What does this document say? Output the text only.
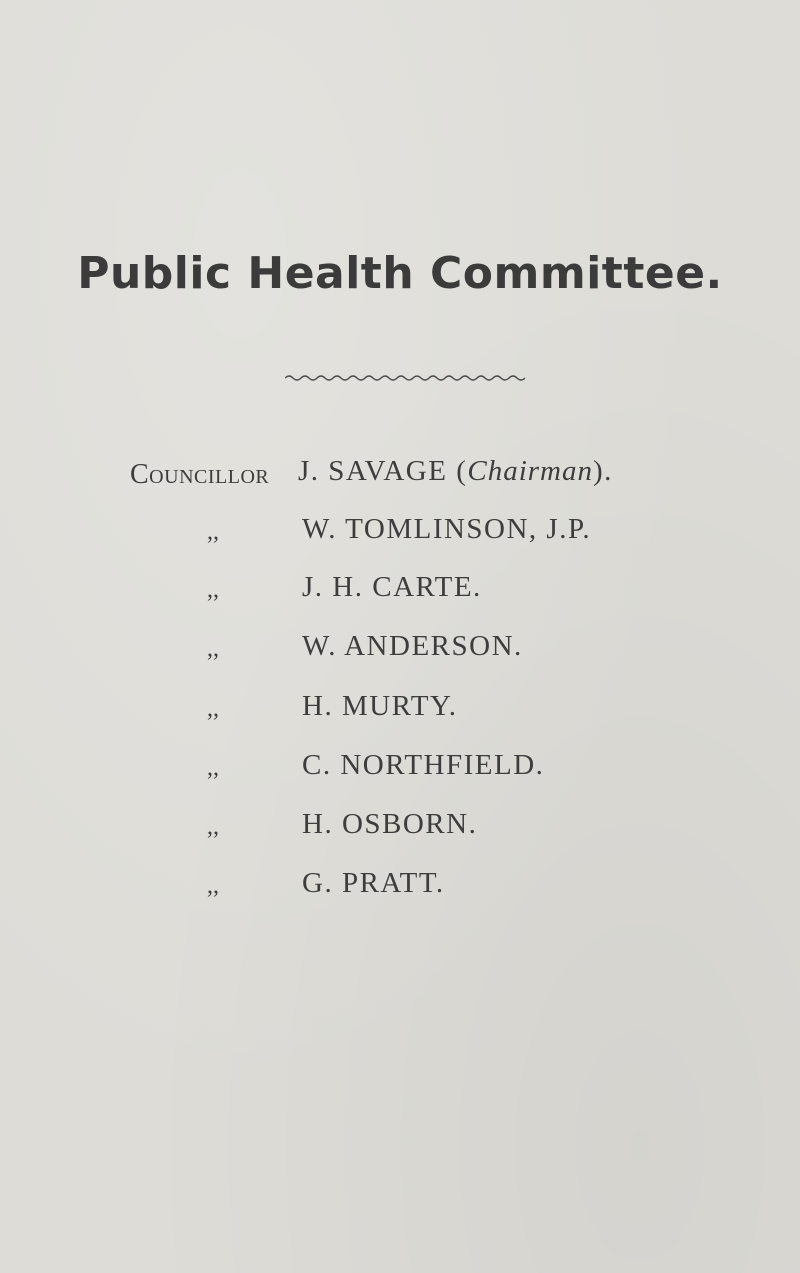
Public Health Committee.
Councillor J. SAVAGE (Chairman).
,,	W. TOMLINSON, J.P.
,,	J. H. CARTE.
,,	W. ANDERSON.
,,	H. MURTY.
,,	C. NORTHFIELD.
,,	H. OSBORN.
,,	G. PRATT.
